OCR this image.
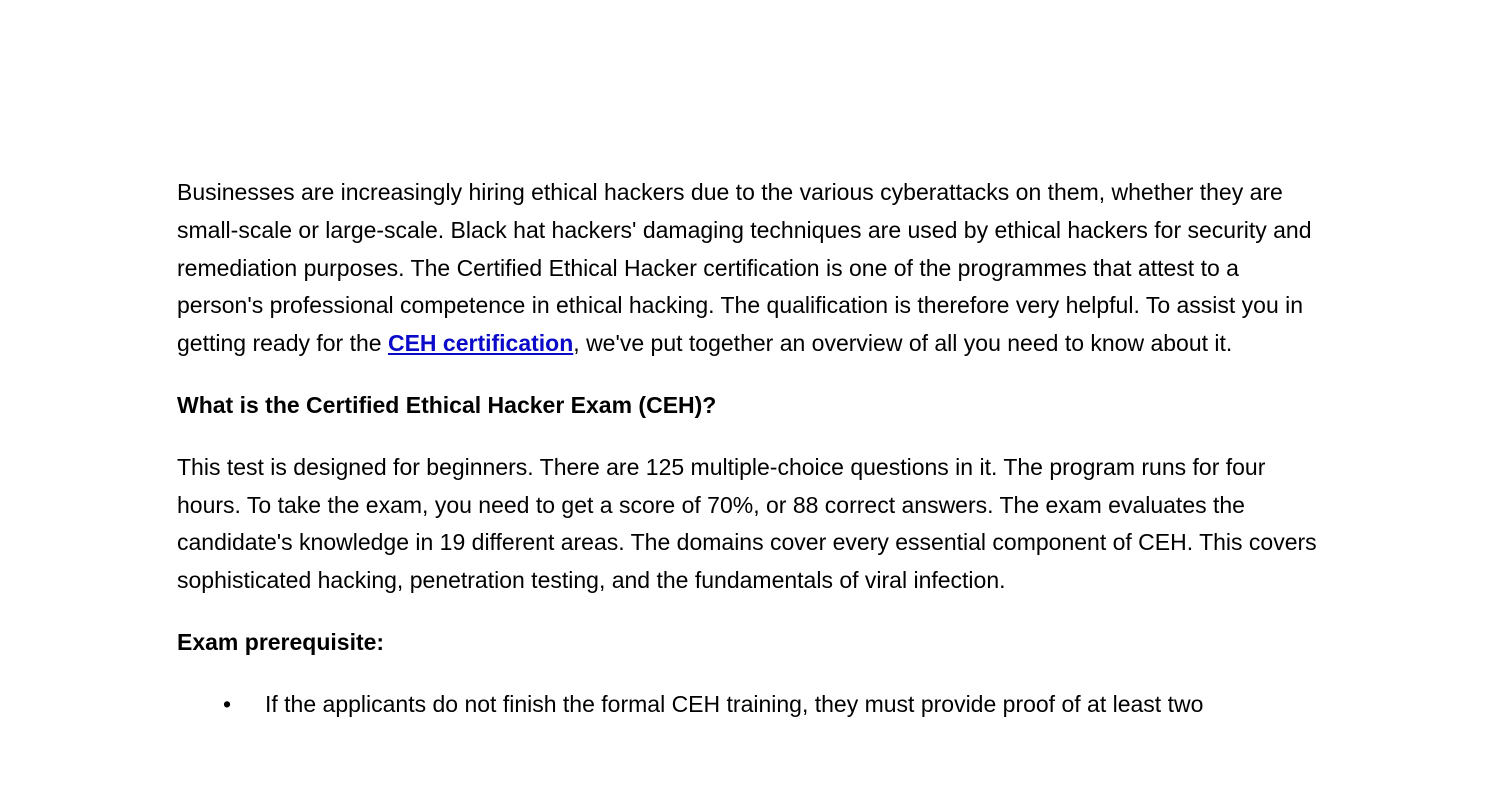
Businesses are increasingly hiring ethical hackers due to the various cyberattacks on them, whether they are small-scale or large-scale. Black hat hackers' damaging techniques are used by ethical hackers for security and remediation purposes. The Certified Ethical Hacker certification is one of the programmes that attest to a person's professional competence in ethical hacking. The qualification is therefore very helpful. To assist you in getting ready for the CEH certification, we've put together an overview of all you need to know about it.

What is the Certified Ethical Hacker Exam (CEH)?

This test is designed for beginners. There are 125 multiple-choice questions in it. The program runs for four hours. To take the exam, you need to get a score of 70%, or 88 correct answers. The exam evaluates the candidate's knowledge in 19 different areas. The domains cover every essential component of CEH. This covers sophisticated hacking, penetration testing, and the fundamentals of viral infection.

Exam prerequisite:

• If the applicants do not finish the formal CEH training, they must provide proof of at least two
